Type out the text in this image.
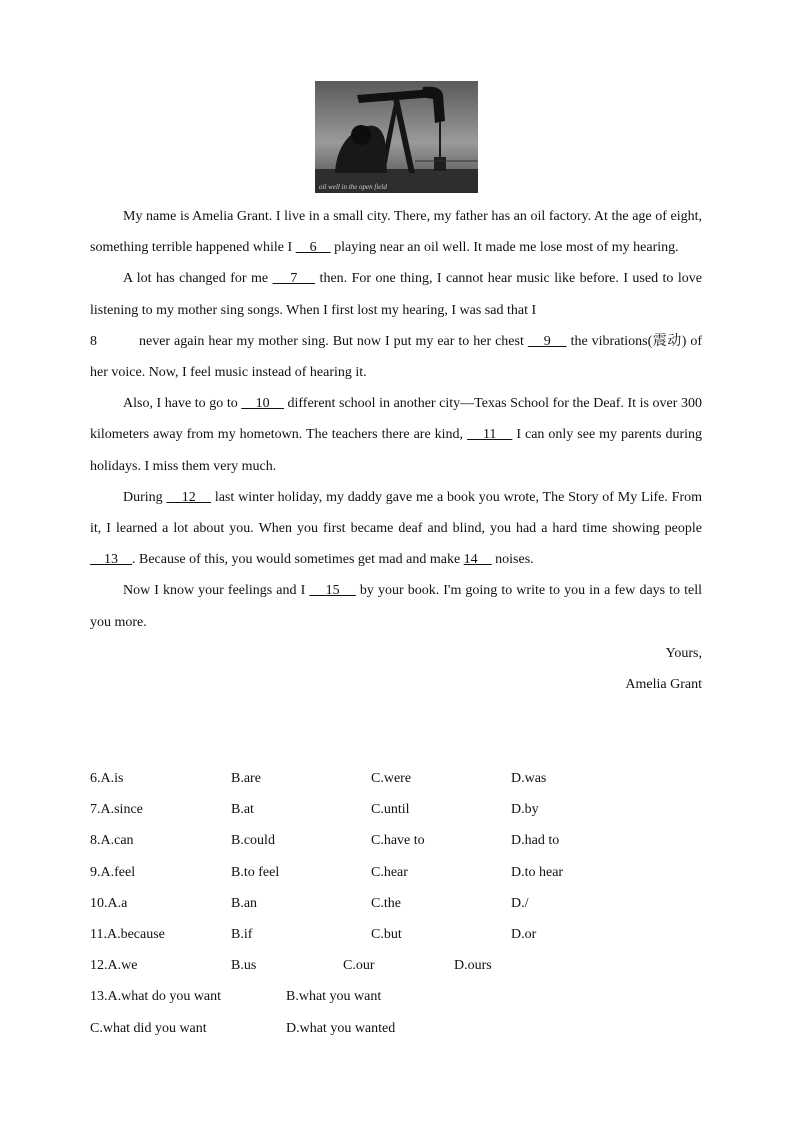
oil well in the open field

My name is Amelia Grant. I live in a small city. There, my father has an oil factory. At the age of eight, something terrible happened while I     6     playing near an oil well. It made me lose most of my hearing.

A lot has changed for me     7     then. For one thing, I cannot hear music like before. I used to love listening to my mother sing songs. When I first lost my hearing, I was sad that I
8	never again hear my mother sing. But now I put my ear to her chest     9     the vibrations(震动) of her voice. Now, I feel music instead of hearing it.

Also, I have to go to     10     different school in another city—Texas School for the Deaf. It is over 300 kilometers away from my hometown. The teachers there are kind,     11     I can only see my parents during holidays. I miss them very much.

During     12     last winter holiday, my daddy gave me a book you wrote, The Story of My Life. From it, I learned a lot about you. When you first became deaf and blind, you had a hard time showing people     13    . Because of this, you would sometimes get mad and make 14     noises.

Now I know your feelings and I     15     by your book. I'm going to write to you in a few days to tell you more.

Yours,

Amelia Grant

6.A.is	B.are	C.were	D.was
7.A.since	B.at	C.until	D.by
8.A.can	B.could	C.have to	D.had to
9.A.feel	B.to feel	C.hear	D.to hear
10.A.a	B.an	C.the	D./
11.A.because	B.if	C.but	D.or
12.A.we	B.us	C.our	D.ours
13.A.what do you want	B.what you want
C.what did you want	D.what you wanted
